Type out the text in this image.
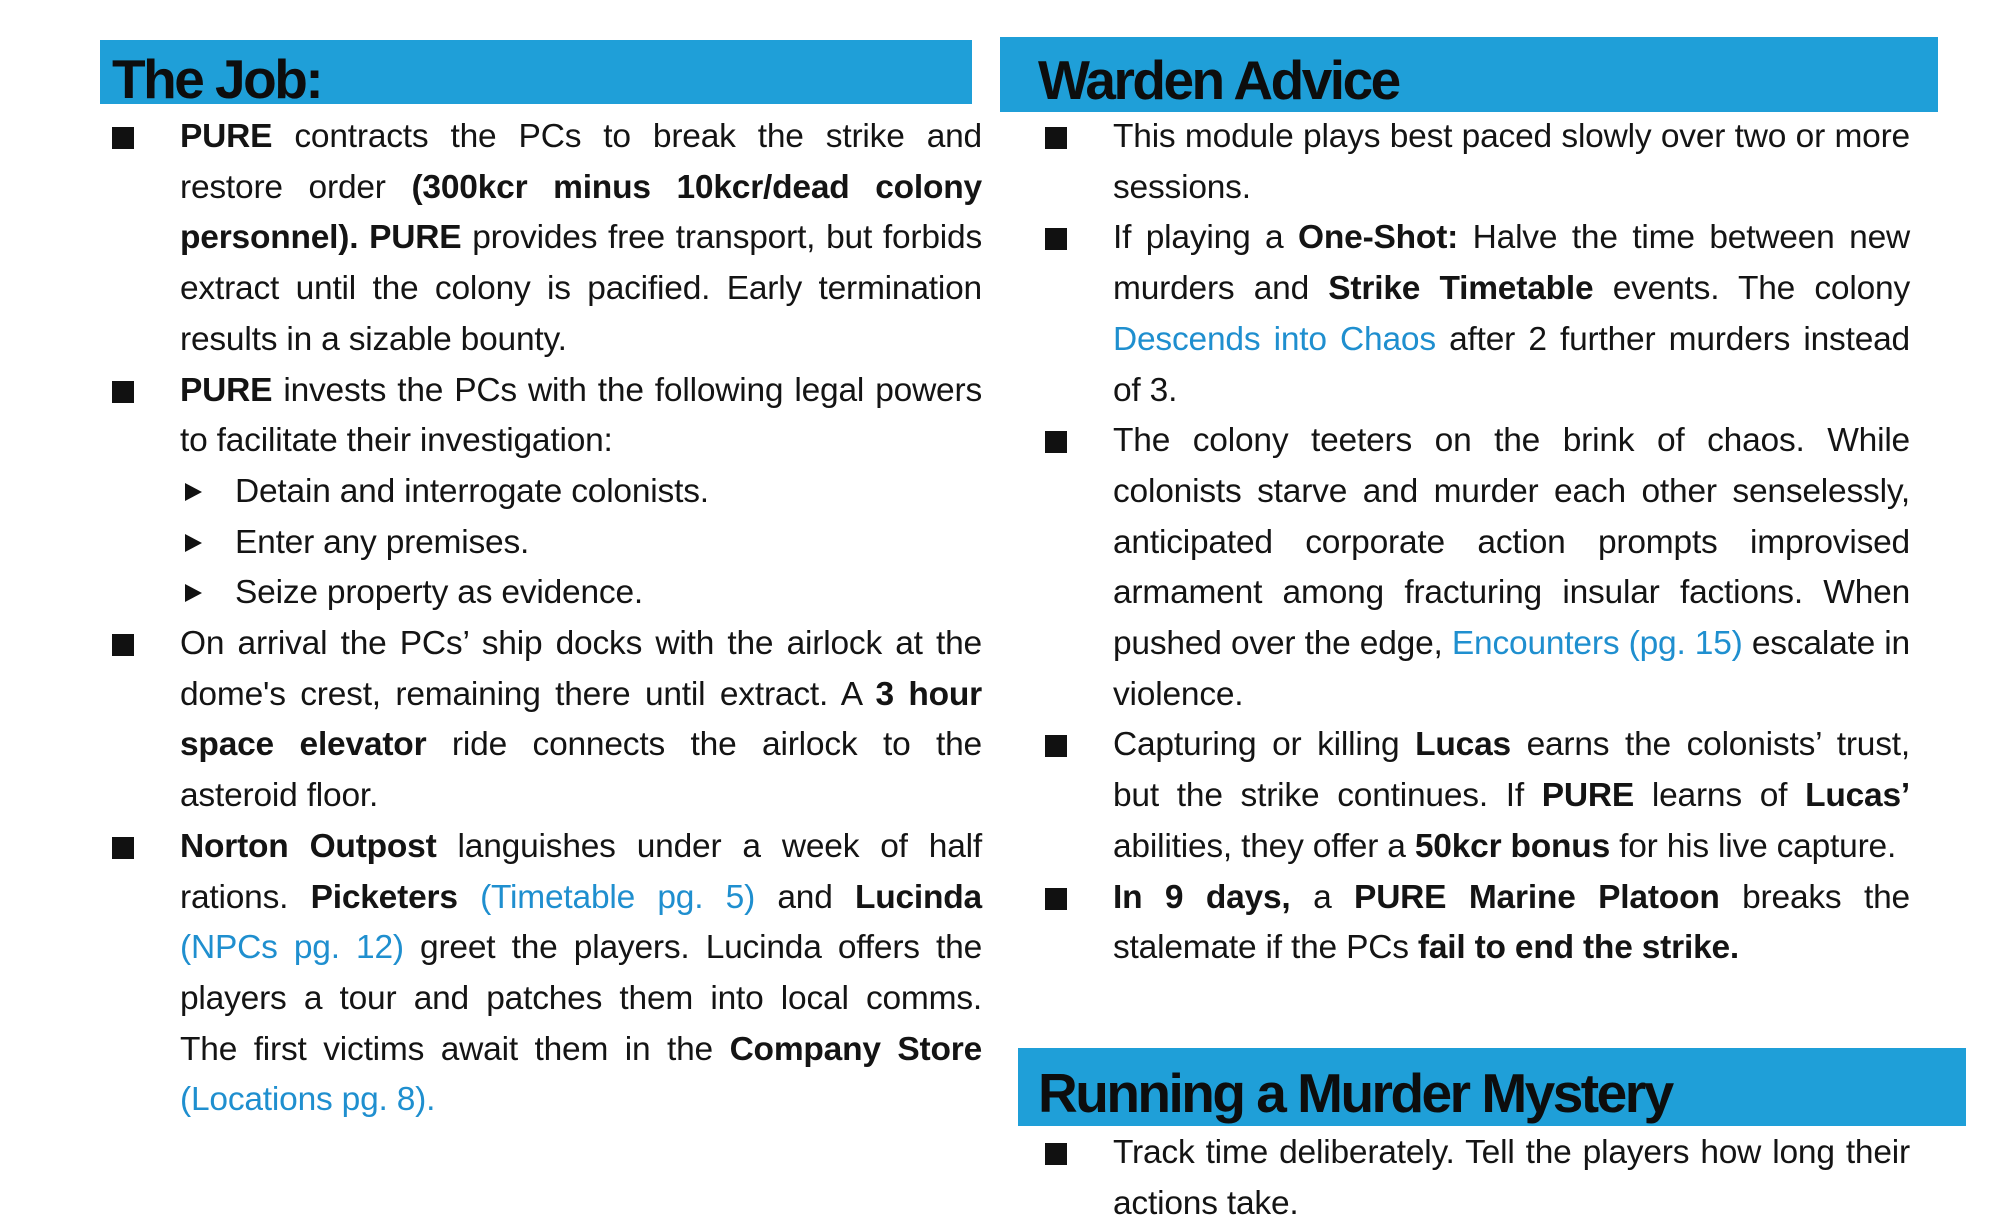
The Job:
PURE contracts the PCs to break the strike and restore order (300kcr minus 10kcr/dead colony personnel). PURE provides free transport, but forbids extract until the colony is pacified. Early termination results in a sizable bounty.
PURE invests the PCs with the following legal powers to facilitate their investigation:
Detain and interrogate colonists.
Enter any premises.
Seize property as evidence.
On arrival the PCs’ ship docks with the airlock at the dome's crest, remaining there until extract. A 3 hour space elevator ride connects the airlock to the asteroid floor.
Norton Outpost languishes under a week of half rations. Picketers (Timetable pg. 5) and Lucinda (NPCs pg. 12) greet the players. Lucinda offers the players a tour and patches them into local comms. The first victims await them in the Company Store (Locations pg. 8).
Warden Advice
This module plays best paced slowly over two or more sessions.
If playing a One-Shot: Halve the time between new murders and Strike Timetable events. The colony Descends into Chaos after 2 further murders instead of 3.
The colony teeters on the brink of chaos. While colonists starve and murder each other senselessly, anticipated corporate action prompts improvised armament among fracturing insular factions. When pushed over the edge, Encounters (pg. 15) escalate in violence.
Capturing or killing Lucas earns the colonists’ trust, but the strike continues. If PURE learns of Lucas’ abilities, they offer a 50kcr bonus for his live capture.
In 9 days, a PURE Marine Platoon breaks the stalemate if the PCs fail to end the strike.
Running a Murder Mystery
Track time deliberately. Tell the players how long their actions take.
